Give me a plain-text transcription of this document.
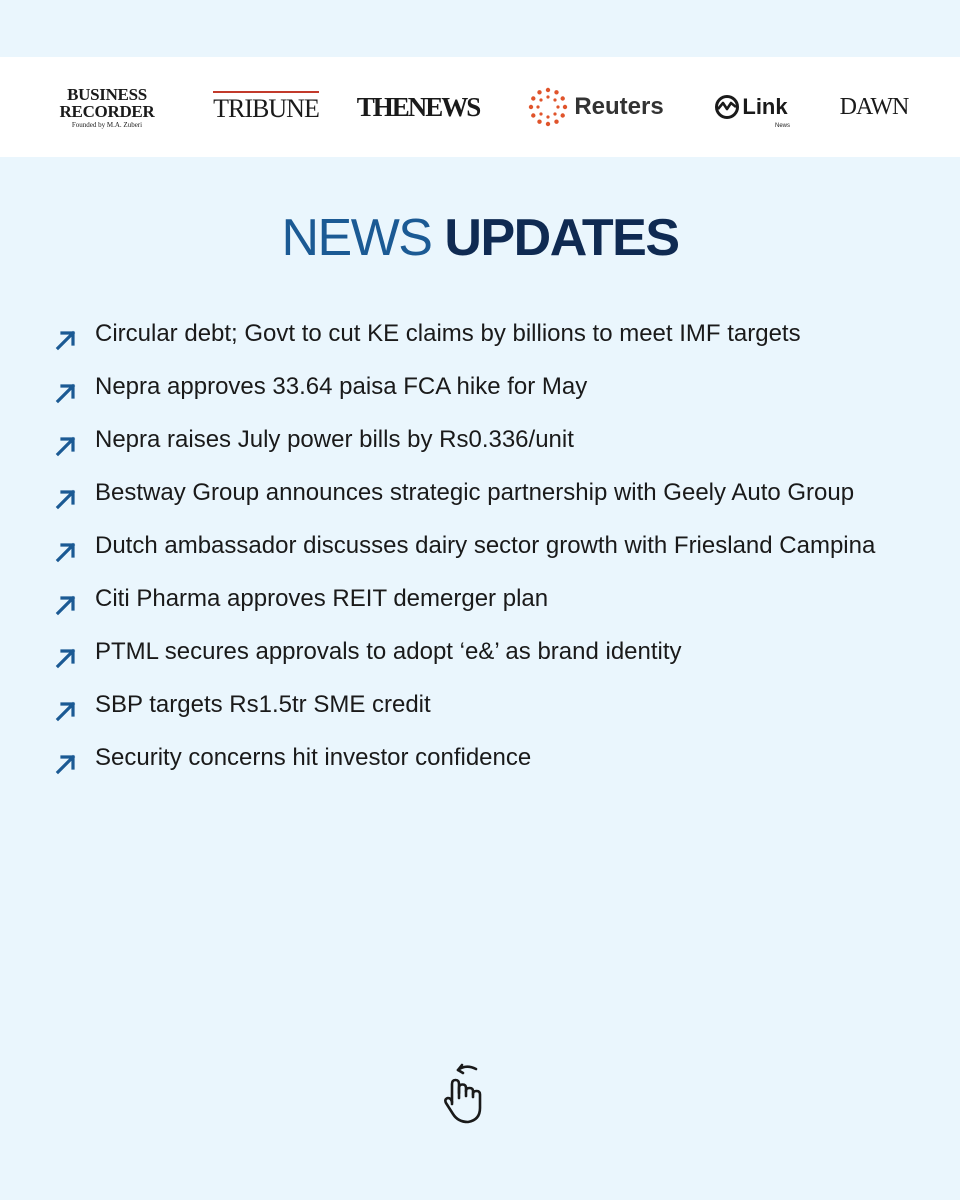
BUSINESS
RECORDER
Founded by M.A. Zuberi
TRIBUNE THENEWS	Reuters	Link
News
DAWN
NEWS UPDATES
Circular debt; Govt to cut KE claims by billions to meet IMF targets
Nepra approves 33.64 paisa FCA hike for May
Nepra raises July power bills by Rs0.336/unit
Bestway Group announces strategic partnership with Geely Auto Group
Dutch ambassador discusses dairy sector growth with Friesland Campina
Citi Pharma approves REIT demerger plan
PTML secures approvals to adopt ‘e&’ as brand identity
SBP targets Rs1.5tr SME credit
Security concerns hit investor confidence
